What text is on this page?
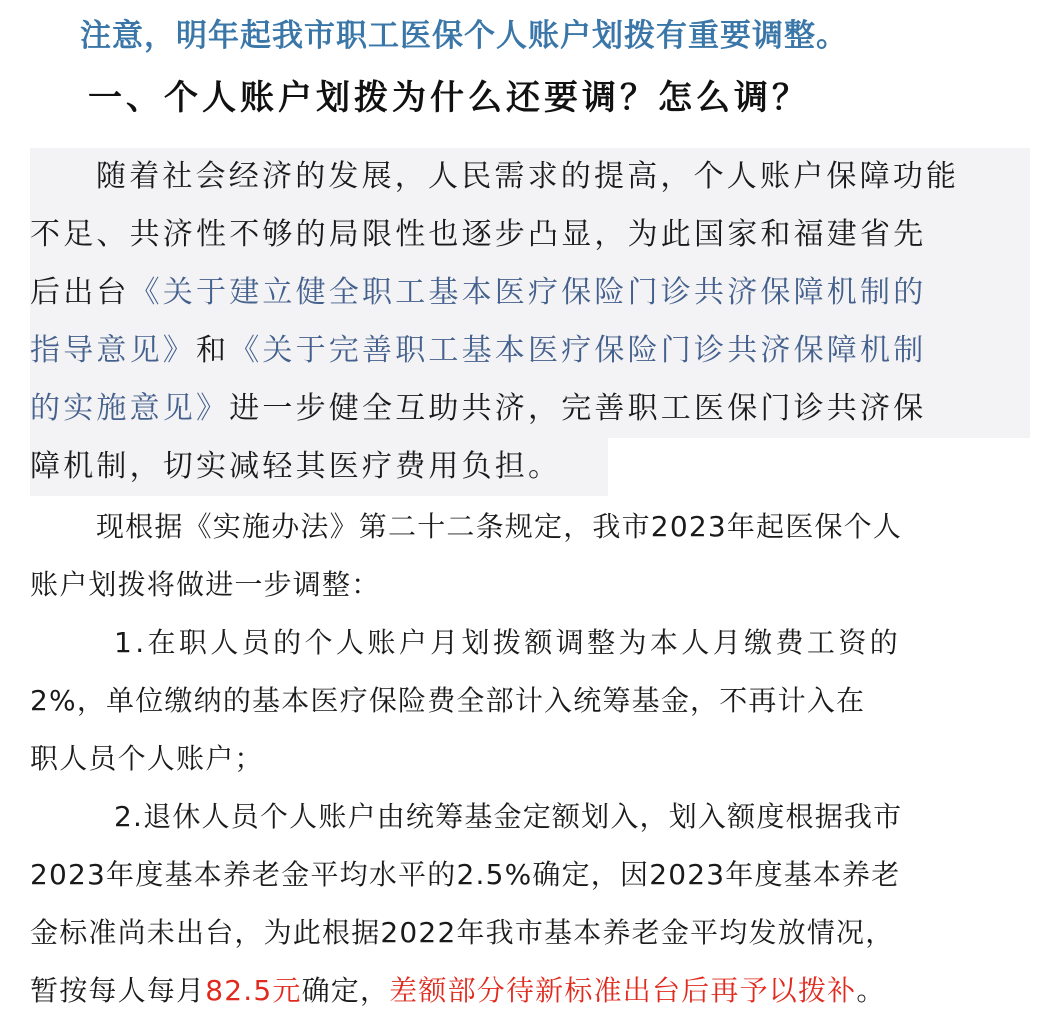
注意，明年起我市职工医保个人账户划拨有重要调整。
一、个人账户划拨为什么还要调？怎么调？
随着社会经济的发展，人民需求的提高，个人账户保障功能
不足、共济性不够的局限性也逐步凸显，为此国家和福建省先
后出台《关于建立健全职工基本医疗保险门诊共济保障机制的
指导意见》和《关于完善职工基本医疗保险门诊共济保障机制
的实施意见》进一步健全互助共济，完善职工医保门诊共济保
障机制，切实减轻其医疗费用负担。
现根据《实施办法》第二十二条规定，我市2023年起医保个人
账户划拨将做进一步调整：
1.在职人员的个人账户月划拨额调整为本人月缴费工资的
2%，单位缴纳的基本医疗保险费全部计入统筹基金，不再计入在
职人员个人账户；
2.退休人员个人账户由统筹基金定额划入，划入额度根据我市
2023年度基本养老金平均水平的2.5%确定，因2023年度基本养老
金标准尚未出台，为此根据2022年我市基本养老金平均发放情况，
暂按每人每月82.5元确定，差额部分待新标准出台后再予以拨补。
